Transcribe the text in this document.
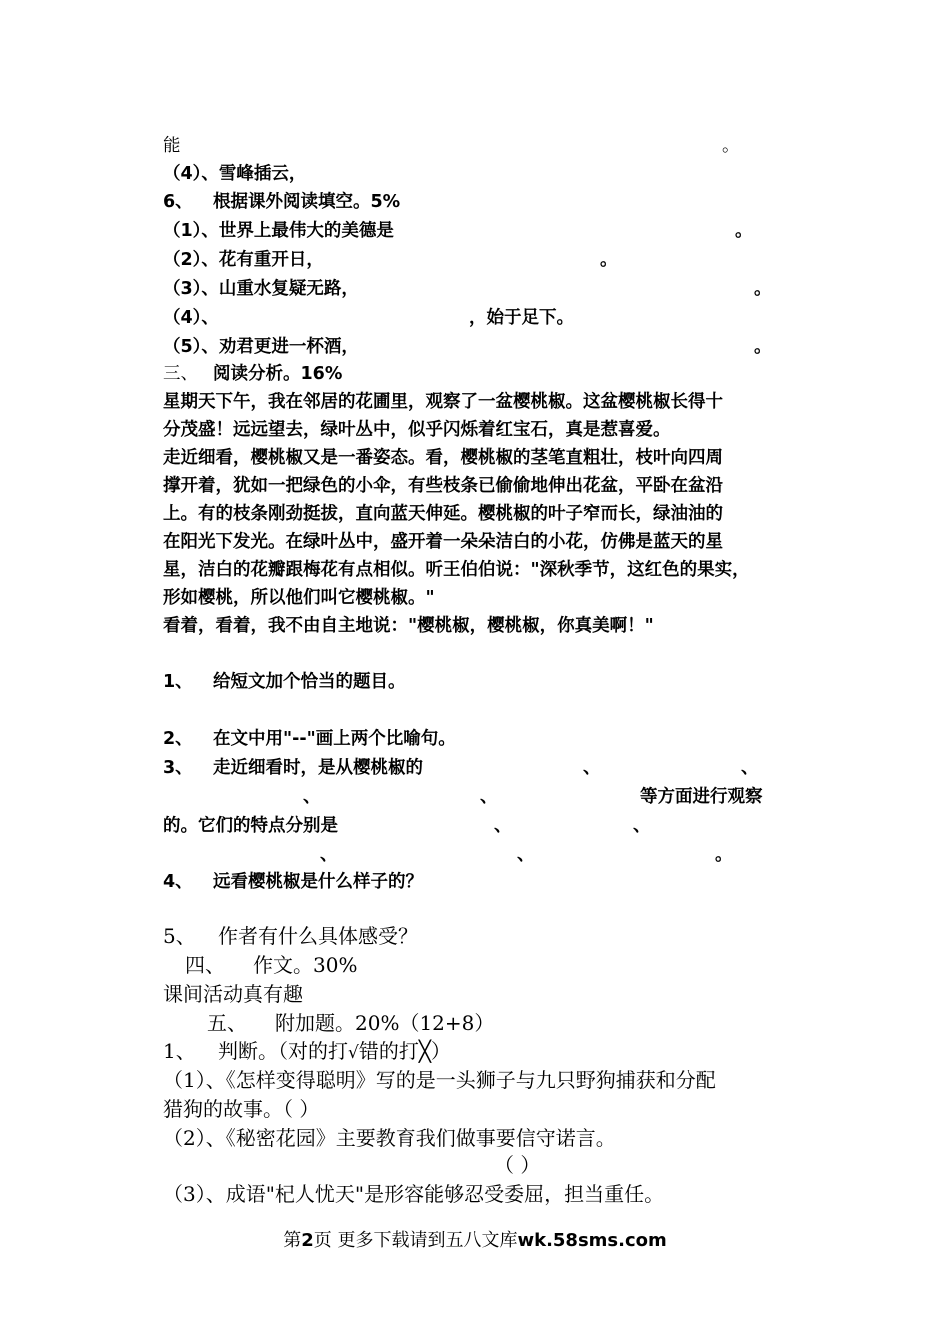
能	。
（4）、雪峰插云，
6、 根据课外阅读填空。5%
（1）、世界上最伟大的美德是	。
（2）、花有重开日，	。
（3）、山重水复疑无路，	。
（4）、	，始于足下。
（5）、劝君更进一杯酒，	。
三、 阅读分析。16%
星期天下午，我在邻居的花圃里，观察了一盆樱桃椒。这盆樱桃椒长得十
分茂盛！远远望去，绿叶丛中，似乎闪烁着红宝石，真是惹喜爱。
走近细看，樱桃椒又是一番姿态。看，樱桃椒的茎笔直粗壮，枝叶向四周
撑开着，犹如一把绿色的小伞，有些枝条已偷偷地伸出花盆，平卧在盆沿
上。有的枝条刚劲挺拔，直向蓝天伸延。樱桃椒的叶子窄而长，绿油油的
在阳光下发光。在绿叶丛中，盛开着一朵朵洁白的小花，仿佛是蓝天的星
星，洁白的花瓣跟梅花有点相似。听王伯伯说："深秋季节，这红色的果实，
形如樱桃，所以他们叫它樱桃椒。"
看着，看着，我不由自主地说："樱桃椒，樱桃椒，你真美啊！"
1、 给短文加个恰当的题目。
2、 在文中用"--"画上两个比喻句。
3、 走近细看时，是从樱桃椒的	、	、
、	、	等方面进行观察
的。它们的特点分别是	、	、
、	、	。
4、 远看樱桃椒是什么样子的？
5、 作者有什么具体感受？
四、 作文。30%
课间活动真有趣
五、 附加题。20%（12+8）
1、 判断。（对的打√错的打╳）
（1）、《怎样变得聪明》写的是一头狮子与九只野狗捕获和分配
猎狗的故事。（ ）
（2）、《秘密花园》主要教育我们做事要信守诺言。
（ ）
（3）、成语"杞人忧天"是形容能够忍受委屈，担当重任。
第2页 更多下载请到五八文库wk.58sms.com
